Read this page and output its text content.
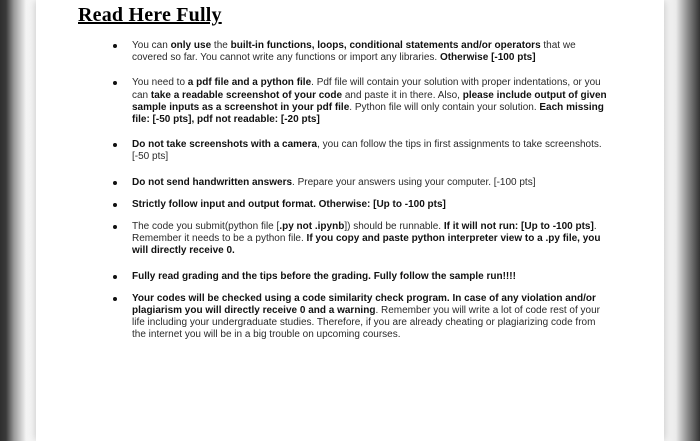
Read Here Fully
You can only use the built-in functions, loops, conditional statements and/or operators that we covered so far. You cannot write any functions or import any libraries. Otherwise [-100 pts]
You need to a pdf file and a python file. Pdf file will contain your solution with proper indentations, or you can take a readable screenshot of your code and paste it in there. Also, please include output of given sample inputs as a screenshot in your pdf file. Python file will only contain your solution. Each missing file: [-50 pts], pdf not readable: [-20 pts]
Do not take screenshots with a camera, you can follow the tips in first assignments to take screenshots. [-50 pts]
Do not send handwritten answers. Prepare your answers using your computer. [-100 pts]
Strictly follow input and output format. Otherwise: [Up to -100 pts]
The code you submit(python file [.py not .ipynb]) should be runnable. If it will not run: [Up to -100 pts]. Remember it needs to be a python file. If you copy and paste python interpreter view to a .py file, you will directly receive 0.
Fully read grading and the tips before the grading. Fully follow the sample run!!!!
Your codes will be checked using a code similarity check program. In case of any violation and/or plagiarism you will directly receive 0 and a warning. Remember you will write a lot of code rest of your life including your undergraduate studies. Therefore, if you are already cheating or plagiarizing code from the internet you will be in a big trouble on upcoming courses.
